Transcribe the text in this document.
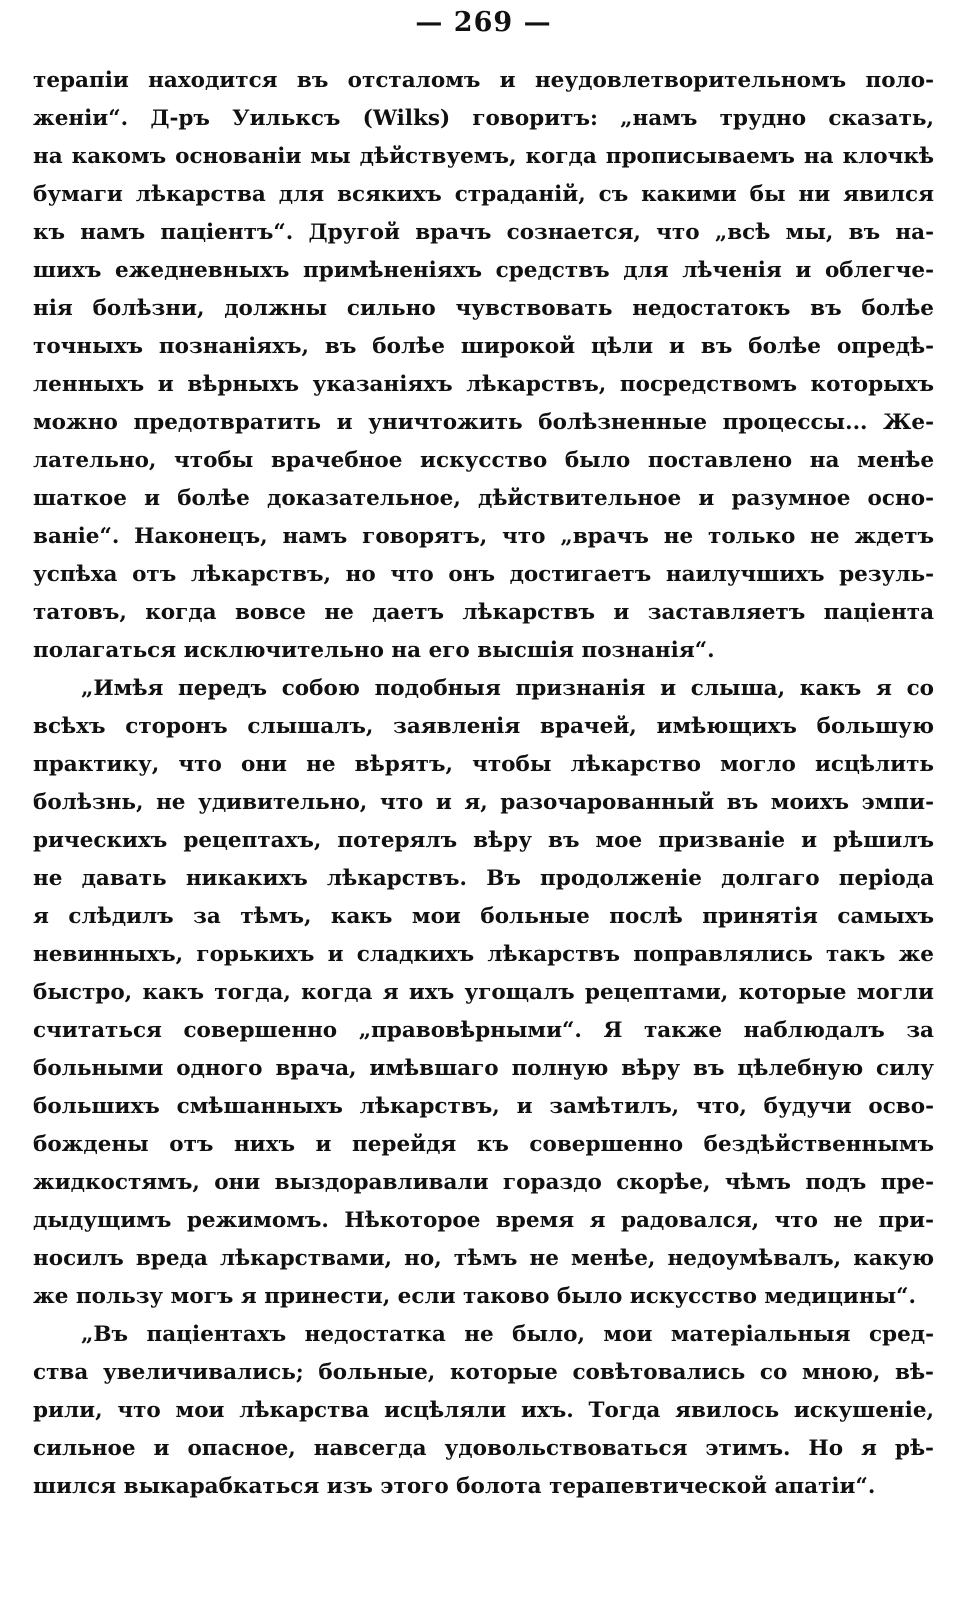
— 269 —
терапіи находится въ отсталомъ и неудовлетворительномъ поло-
женіи“. Д-ръ Уильксъ (Wilks) говоритъ: „намъ трудно сказать,
на какомъ основаніи мы дѣйствуемъ, когда прописываемъ на клочкѣ
бумаги лѣкарства для всякихъ страданій, съ какими бы ни явился
къ намъ паціентъ“. Другой врачъ сознается, что „всѣ мы, въ на-
шихъ ежедневныхъ примѣненіяхъ средствъ для лѣченія и облегче-
нія болѣзни, должны сильно чувствовать недостатокъ въ болѣе
точныхъ познаніяхъ, въ болѣе широкой цѣли и въ болѣе опредѣ-
ленныхъ и вѣрныхъ указаніяхъ лѣкарствъ, посредствомъ которыхъ
можно предотвратить и уничтожить болѣзненные процессы... Же-
лательно, чтобы врачебное искусство было поставлено на менѣе
шаткое и болѣе доказательное, дѣйствительное и разумное осно-
ваніе“. Наконецъ, намъ говорятъ, что „врачъ не только не ждетъ
успѣха отъ лѣкарствъ, но что онъ достигаетъ наилучшихъ резуль-
татовъ, когда вовсе не даетъ лѣкарствъ и заставляетъ паціента
полагаться исключительно на его высшія познанія“.
„Имѣя передъ собою подобныя признанія и слыша, какъ я со
всѣхъ сторонъ слышалъ, заявленія врачей, имѣющихъ большую
практику, что они не вѣрятъ, чтобы лѣкарство могло исцѣлить
болѣзнь, не удивительно, что и я, разочарованный въ моихъ эмпи-
рическихъ рецептахъ, потерялъ вѣру въ мое призваніе и рѣшилъ
не давать никакихъ лѣкарствъ. Въ продолженіе долгаго періода
я слѣдилъ за тѣмъ, какъ мои больные послѣ принятія самыхъ
невинныхъ, горькихъ и сладкихъ лѣкарствъ поправлялись такъ же
быстро, какъ тогда, когда я ихъ угощалъ рецептами, которые могли
считаться совершенно „правовѣрными“. Я также наблюдалъ за
больными одного врача, имѣвшаго полную вѣру въ цѣлебную силу
большихъ смѣшанныхъ лѣкарствъ, и замѣтилъ, что, будучи осво-
бождены отъ нихъ и перейдя къ совершенно бездѣйственнымъ
жидкостямъ, они выздоравливали гораздо скорѣе, чѣмъ подъ пре-
дыдущимъ режимомъ. Нѣкоторое время я радовался, что не при-
носилъ вреда лѣкарствами, но, тѣмъ не менѣе, недоумѣвалъ, какую
же пользу могъ я принести, если таково было искусство медицины“.
„Въ паціентахъ недостатка не было, мои матеріальныя сред-
ства увеличивались; больные, которые совѣтовались со мною, вѣ-
рили, что мои лѣкарства исцѣляли ихъ. Тогда явилось искушеніе,
сильное и опасное, навсегда удовольствоваться этимъ. Но я рѣ-
шился выкарабкаться изъ этого болота терапевтической апатіи“.
